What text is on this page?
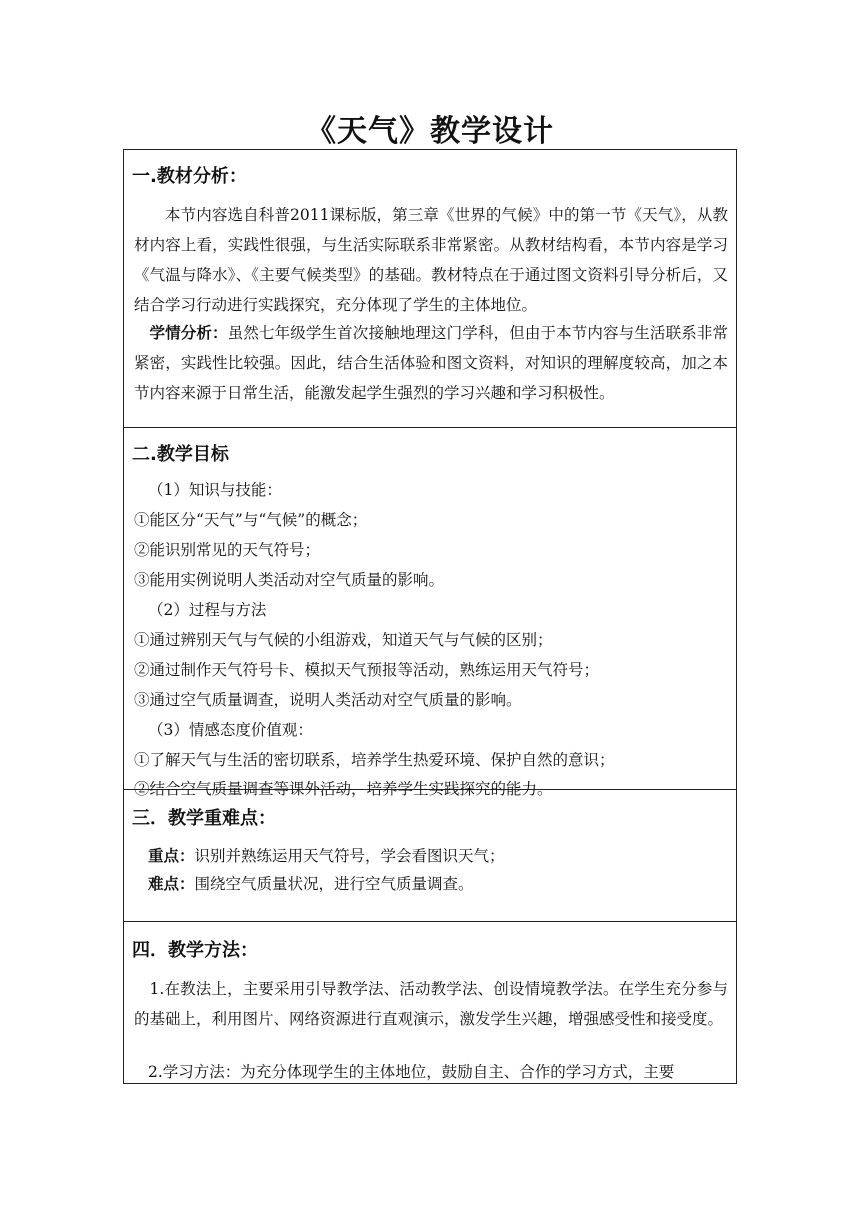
《天气》教学设计
一.教材分析：
本节内容选自科普2011课标版，第三章《世界的气候》中的第一节《天气》，从教材内容上看，实践性很强，与生活实际联系非常紧密。从教材结构看，本节内容是学习《气温与降水》、《主要气候类型》的基础。教材特点在于通过图文资料引导分析后，又结合学习行动进行实践探究，充分体现了学生的主体地位。
学情分析：虽然七年级学生首次接触地理这门学科，但由于本节内容与生活联系非常紧密，实践性比较强。因此，结合生活体验和图文资料，对知识的理解度较高，加之本节内容来源于日常生活，能激发起学生强烈的学习兴趣和学习积极性。
二.教学目标
（1）知识与技能：
①能区分“天气”与“气候”的概念；
②能识别常见的天气符号；
③能用实例说明人类活动对空气质量的影响。
（2）过程与方法
①通过辨别天气与气候的小组游戏，知道天气与气候的区别；
②通过制作天气符号卡、模拟天气预报等活动，熟练运用天气符号；
③通过空气质量调查，说明人类活动对空气质量的影响。
（3）情感态度价值观：
①了解天气与生活的密切联系，培养学生热爱环境、保护自然的意识；
②结合空气质量调查等课外活动，培养学生实践探究的能力。
三．教学重难点：
重点：识别并熟练运用天气符号，学会看图识天气；
难点：围绕空气质量状况，进行空气质量调查。
四．教学方法：
1.在教法上，主要采用引导教学法、活动教学法、创设情境教学法。在学生充分参与的基础上，利用图片、网络资源进行直观演示，激发学生兴趣，增强感受性和接受度。
2.学习方法：为充分体现学生的主体地位，鼓励自主、合作的学习方式，主要
